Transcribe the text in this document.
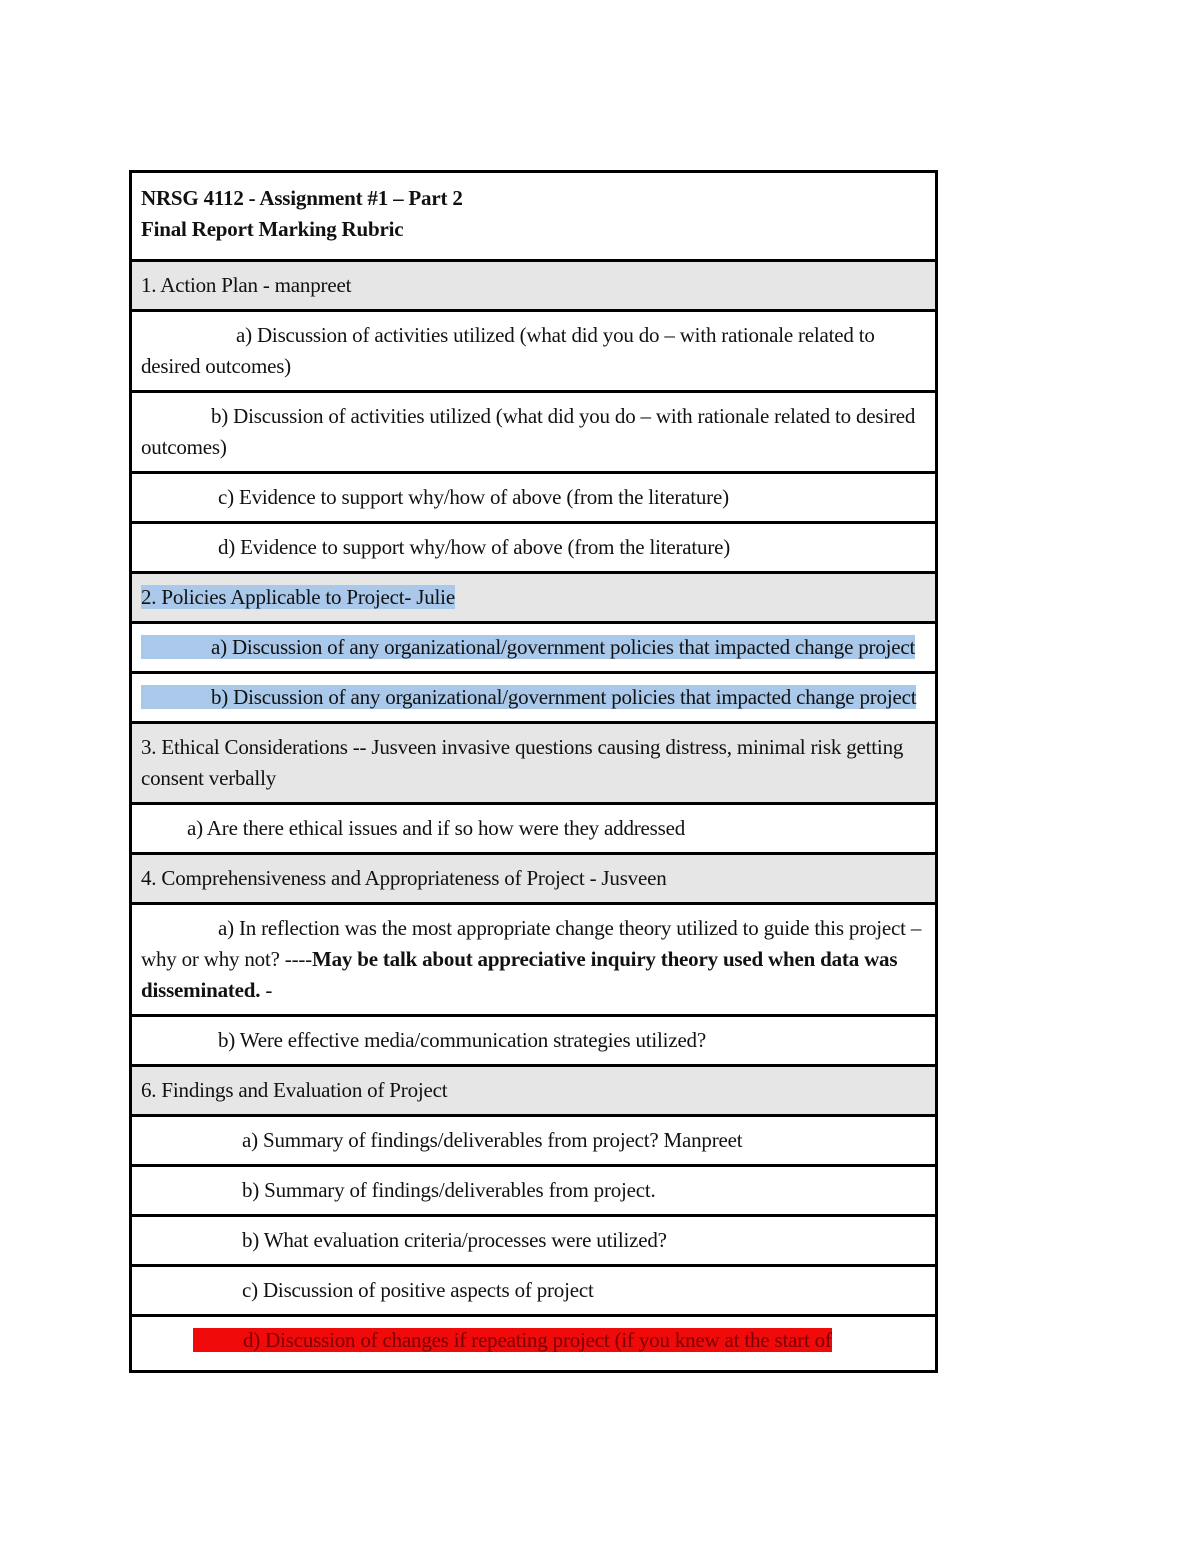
NRSG 4112 - Assignment #1 – Part 2
Final Report Marking Rubric

1. Action Plan - manpreet
a) Discussion of activities utilized (what did you do – with rationale related to desired outcomes)
b) Discussion of activities utilized (what did you do – with rationale related to desired outcomes)
c) Evidence to support why/how of above (from the literature)
d) Evidence to support why/how of above (from the literature)
2. Policies Applicable to Project- Julie
a) Discussion of any organizational/government policies that impacted change project
b) Discussion of any organizational/government policies that impacted change project
3. Ethical Considerations -- Jusveen invasive questions causing distress, minimal risk getting consent verbally
a) Are there ethical issues and if so how were they addressed
4. Comprehensiveness and Appropriateness of Project - Jusveen
a) In reflection was the most appropriate change theory utilized to guide this project – why or why not? ----May be talk about appreciative inquiry theory used when data was disseminated. -
b) Were effective media/communication strategies utilized?
6. Findings and Evaluation of Project
a) Summary of findings/deliverables from project? Manpreet
b) Summary of findings/deliverables from project.
b) What evaluation criteria/processes were utilized?
c) Discussion of positive aspects of project
d) Discussion of changes if repeating project (if you knew at the start of
